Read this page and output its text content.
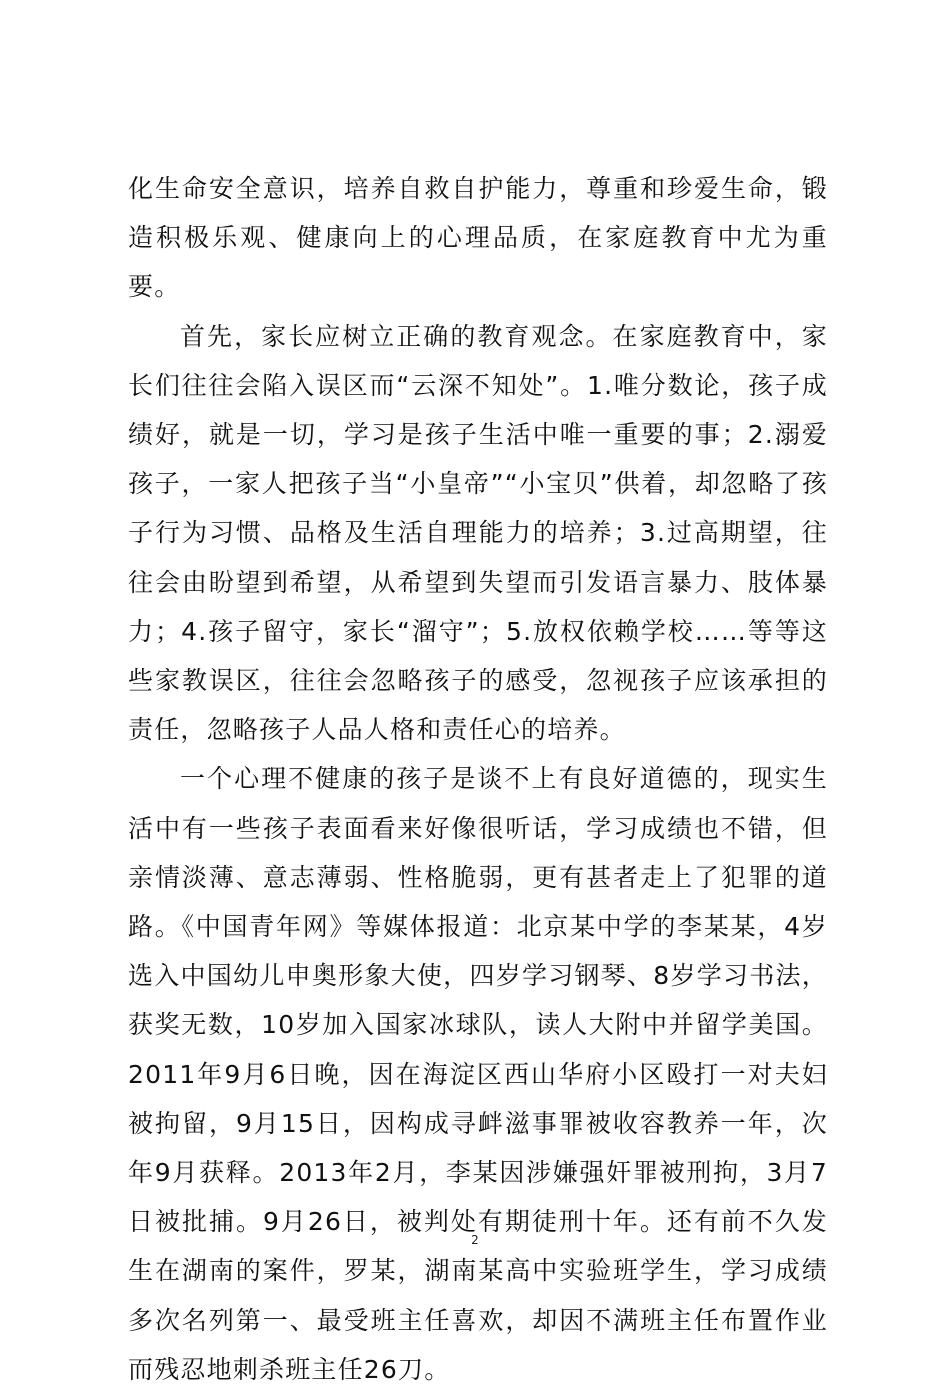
化生命安全意识，培养自救自护能力，尊重和珍爱生命，锻造积极乐观、健康向上的心理品质，在家庭教育中尤为重要。

首先，家长应树立正确的教育观念。在家庭教育中，家长们往往会陷入误区而“云深不知处”。1.唯分数论，孩子成绩好，就是一切，学习是孩子生活中唯一重要的事；2.溺爱孩子，一家人把孩子当“小皇帝”“小宝贝”供着，却忽略了孩子行为习惯、品格及生活自理能力的培养；3.过高期望，往往会由盼望到希望，从希望到失望而引发语言暴力、肢体暴力；4.孩子留守，家长“溜守”；5.放权依赖学校……等等这些家教误区，往往会忽略孩子的感受，忽视孩子应该承担的责任，忽略孩子人品人格和责任心的培养。

一个心理不健康的孩子是谈不上有良好道德的，现实生活中有一些孩子表面看来好像很听话，学习成绩也不错，但亲情淡薄、意志薄弱、性格脆弱，更有甚者走上了犯罪的道路。《中国青年网》等媒体报道：北京某中学的李某某，4岁选入中国幼儿申奥形象大使，四岁学习钢琴、8岁学习书法，获奖无数，10岁加入国家冰球队，读人大附中并留学美国。2011年9月6日晚，因在海淀区西山华府小区殴打一对夫妇被拘留，9月15日，因构成寻衅滋事罪被收容教养一年，次年9月获释。2013年2月，李某因涉嫌强奸罪被刑拘，3月7日被批捕。9月26日，被判处有期徒刑十年。还有前不久发生在湖南的案件，罗某，湖南某高中实验班学生，学习成绩多次名列第一、最受班主任喜欢，却因不满班主任布置作业而残忍地刺杀班主任26刀。

2
